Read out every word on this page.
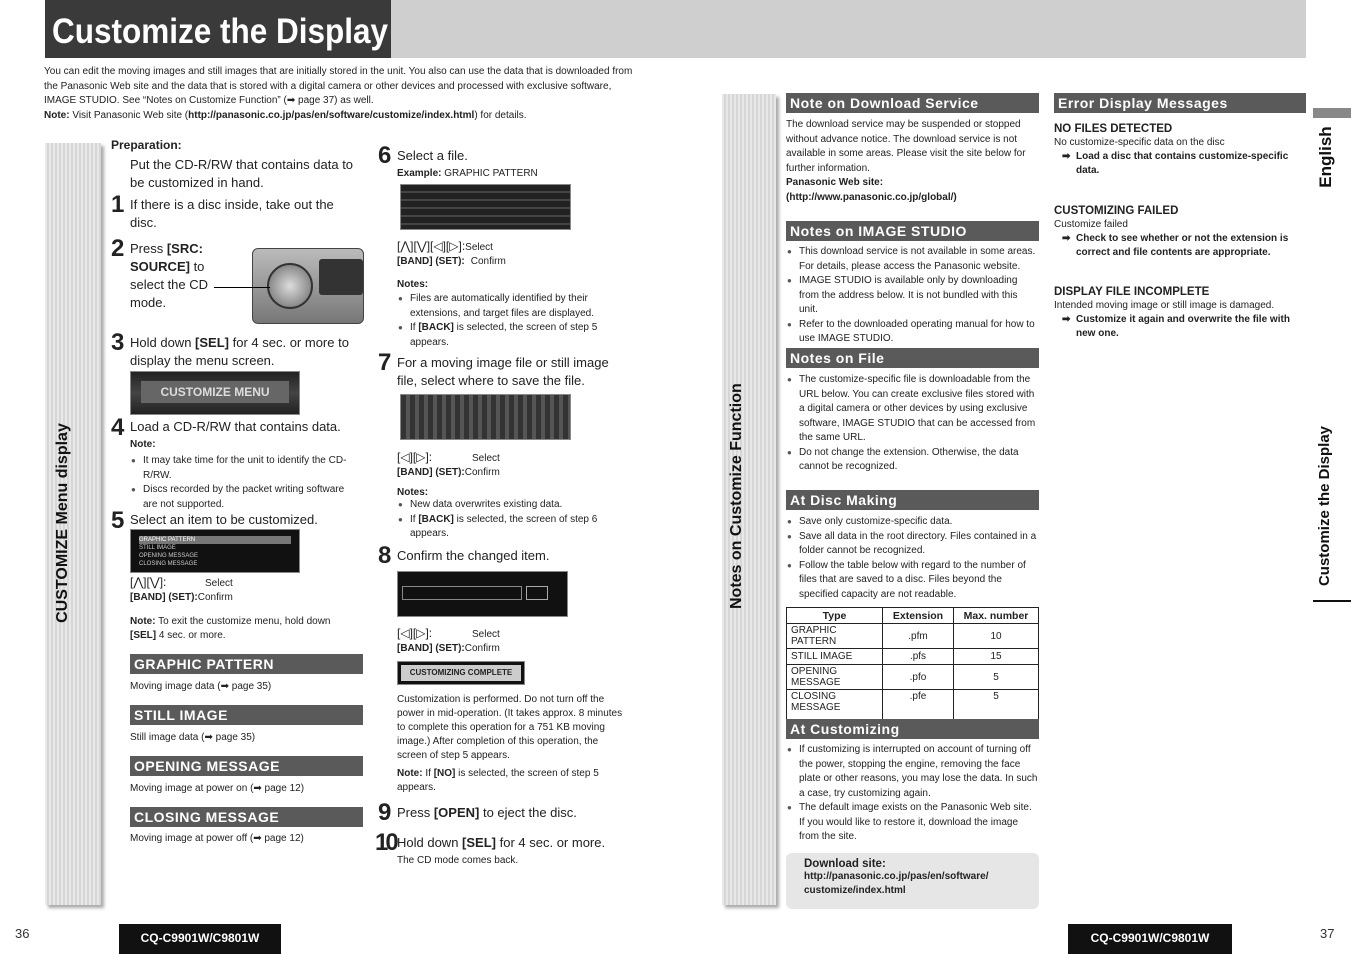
Customize the Display
You can edit the moving images and still images that are initially stored in the unit. You also can use the data that is downloaded from
the Panasonic Web site and the data that is stored with a digital camera or other devices and processed with exclusive software,
IMAGE STUDIO. See “Notes on Customize Function” (➡ page 37) as well.
Note: Visit Panasonic Web site (http://panasonic.co.jp/pas/en/software/customize/index.html) for details.
CUSTOMIZE Menu display
Preparation:
Put the CD-R/RW that contains data to
be customized in hand.
1 If there is a disc inside, take out the
disc.
2 Press [SRC:
SOURCE] to
select the CD
mode.
3 Hold down [SEL] for 4 sec. or more to
display the menu screen.
CUSTOMIZE MENU
4 Load a CD-R/RW that contains data.
Note:
● It may take time for the unit to identify the CD-R/RW.
● Discs recorded by the packet writing software are not supported.
5 Select an item to be customized.
GRAPHIC PATTERN
STILL IMAGE
OPENING MESSAGE
CLOSING MESSAGE
[⋀][⋁]:	Select
[BAND] (SET):Confirm
Note: To exit the customize menu, hold down
[SEL] 4 sec. or more.
GRAPHIC PATTERN
Moving image data (➡ page 35)
STILL IMAGE
Still image data (➡ page 35)
OPENING MESSAGE
Moving image at power on (➡ page 12)
CLOSING MESSAGE
Moving image at power off (➡ page 12)
6 Select a file.
Example: GRAPHIC PATTERN
[⋀][⋁][◁][▷]:Select
[BAND] (SET): Confirm
Notes:
● Files are automatically identified by their extensions, and target files are displayed.
● If [BACK] is selected, the screen of step 5 appears.
7 For a moving image file or still image
file, select where to save the file.
[◁][▷]:	Select
[BAND] (SET):Confirm
Notes:
● New data overwrites existing data.
● If [BACK] is selected, the screen of step 6 appears.
8 Confirm the changed item.
[◁][▷]:	Select
[BAND] (SET):Confirm
CUSTOMIZING COMPLETE
Customization is performed. Do not turn off the
power in mid-operation. (It takes approx. 8 minutes
to complete this operation for a 751 KB moving
image.) After completion of this operation, the
screen of step 5 appears.
Note: If [NO] is selected, the screen of step 5
appears.
9 Press [OPEN] to eject the disc.
10 Hold down [SEL] for 4 sec. or more.
The CD mode comes back.
Notes on Customize Function
Note on Download Service
The download service may be suspended or stopped
without advance notice. The download service is not
available in some areas. Please visit the site below for
further information.
Panasonic Web site:
(http://www.panasonic.co.jp/global/)
Notes on IMAGE STUDIO
● This download service is not available in some areas. For details, please access the Panasonic website.
● IMAGE STUDIO is available only by downloading from the address below. It is not bundled with this unit.
● Refer to the downloaded operating manual for how to use IMAGE STUDIO.
Notes on File
● The customize-specific file is downloadable from the URL below. You can create exclusive files stored with a digital camera or other devices by using exclusive software, IMAGE STUDIO that can be accessed from the same URL.
● Do not change the extension. Otherwise, the data cannot be recognized.
At Disc Making
● Save only customize-specific data.
● Save all data in the root directory. Files contained in a folder cannot be recognized.
● Follow the table below with regard to the number of files that are saved to a disc. Files beyond the specified capacity are not readable.
Type	Extension	Max. number
GRAPHIC PATTERN	.pfm	10
STILL IMAGE	.pfs	15
OPENING MESSAGE	.pfo	5
CLOSING MESSAGE	.pfe	5
At Customizing
● If customizing is interrupted on account of turning off the power, stopping the engine, removing the face plate or other reasons, you may lose the data. In such a case, try customizing again.
● The default image exists on the Panasonic Web site. If you would like to restore it, download the image from the site.
Download site:
http://panasonic.co.jp/pas/en/software/
customize/index.html
Error Display Messages
NO FILES DETECTED
No customize-specific data on the disc
➡ Load a disc that contains customize-specific data.
CUSTOMIZING FAILED
Customize failed
➡ Check to see whether or not the extension is correct and file contents are appropriate.
DISPLAY FILE INCOMPLETE
Intended moving image or still image is damaged.
➡ Customize it again and overwrite the file with new one.
English
Customize the Display
36	CQ-C9901W/C9801W	CQ-C9901W/C9801W	37
